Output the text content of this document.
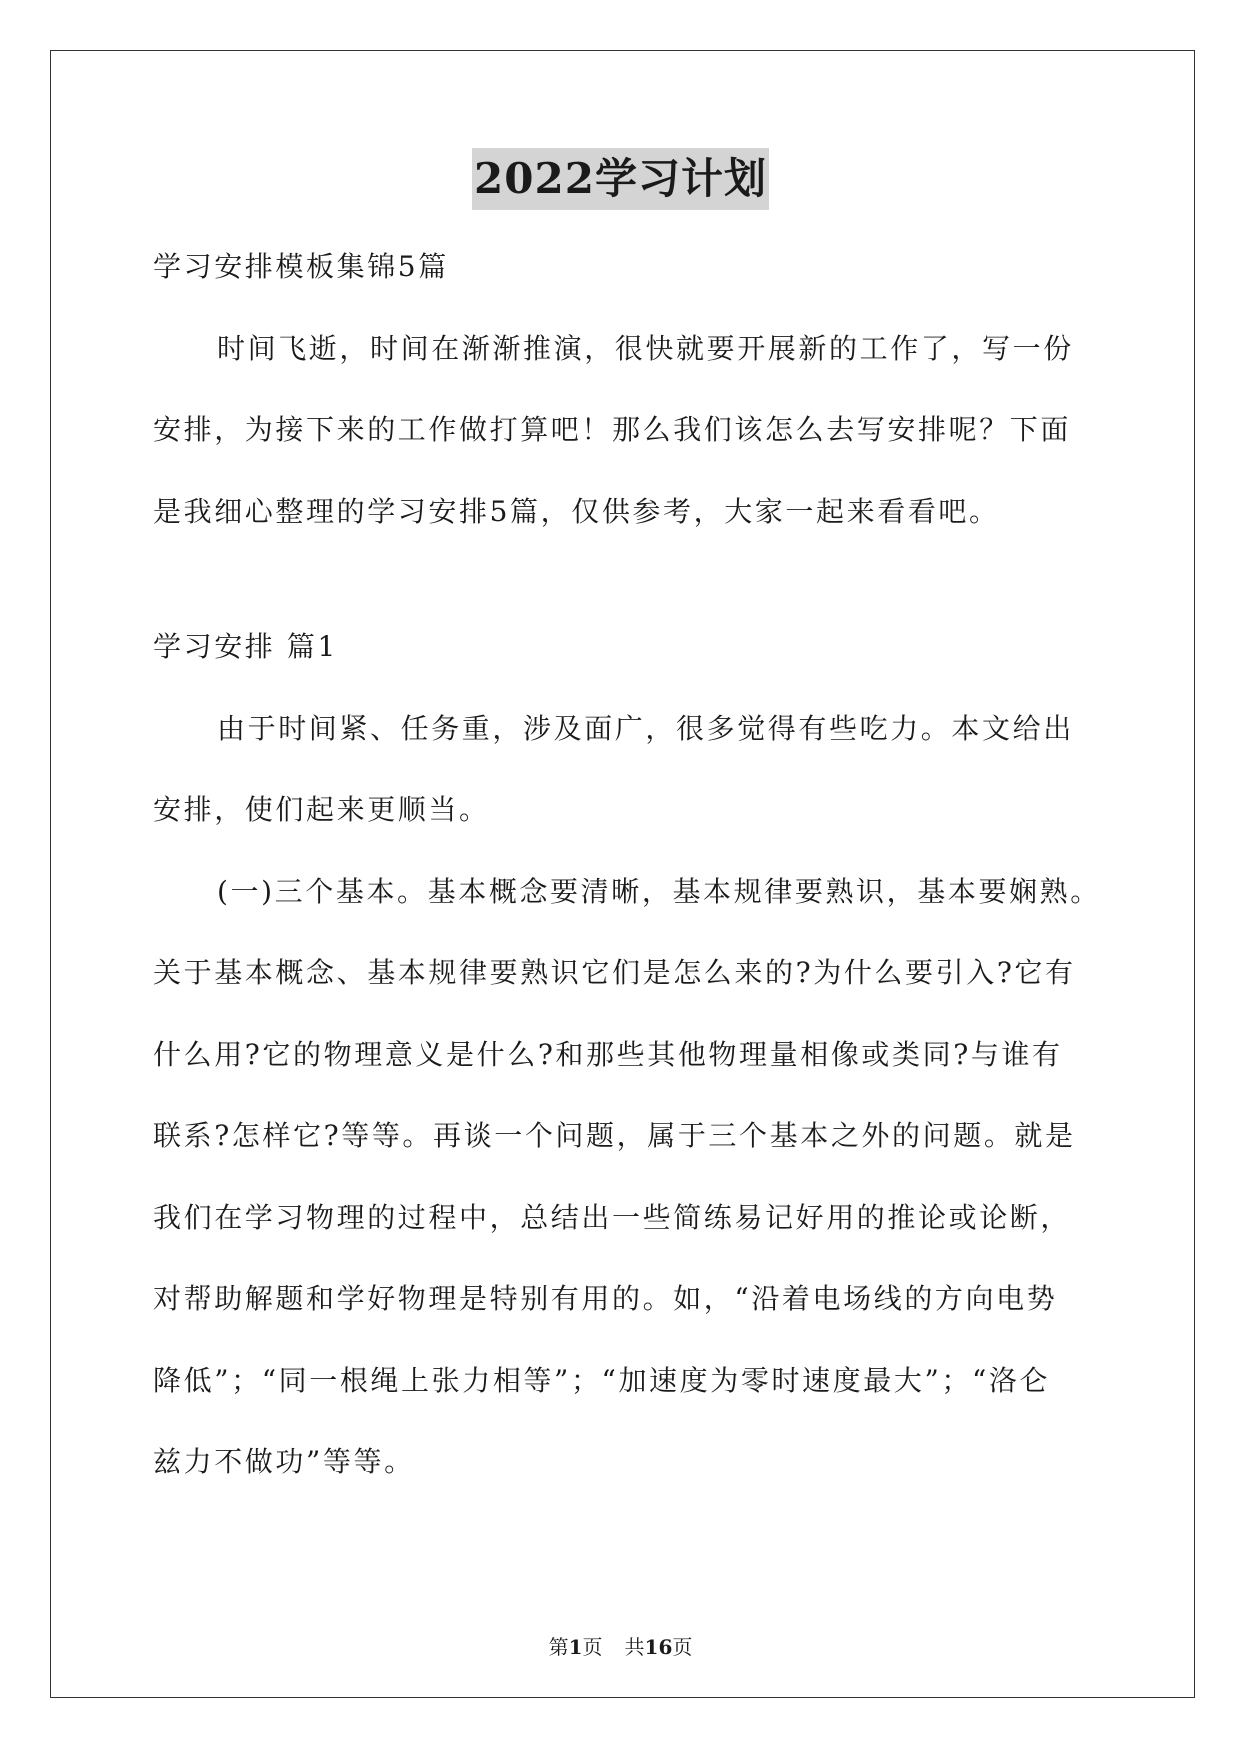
2022学习计划
学习安排模板集锦5篇
时间飞逝，时间在渐渐推演，很快就要开展新的工作了，写一份
安排，为接下来的工作做打算吧！那么我们该怎么去写安排呢？下面
是我细心整理的学习安排5篇，仅供参考，大家一起来看看吧。
学习安排 篇1
由于时间紧、任务重，涉及面广，很多觉得有些吃力。本文给出
安排，使们起来更顺当。
(一)三个基本。基本概念要清晰，基本规律要熟识，基本要娴熟。
关于基本概念、基本规律要熟识它们是怎么来的?为什么要引入?它有
什么用?它的物理意义是什么?和那些其他物理量相像或类同?与谁有
联系?怎样它?等等。再谈一个问题，属于三个基本之外的问题。就是
我们在学习物理的过程中，总结出一些简练易记好用的推论或论断，
对帮助解题和学好物理是特别有用的。如，“沿着电场线的方向电势
降低”；“同一根绳上张力相等”；“加速度为零时速度最大”；“洛仑
兹力不做功”等等。
第1页 共16页
